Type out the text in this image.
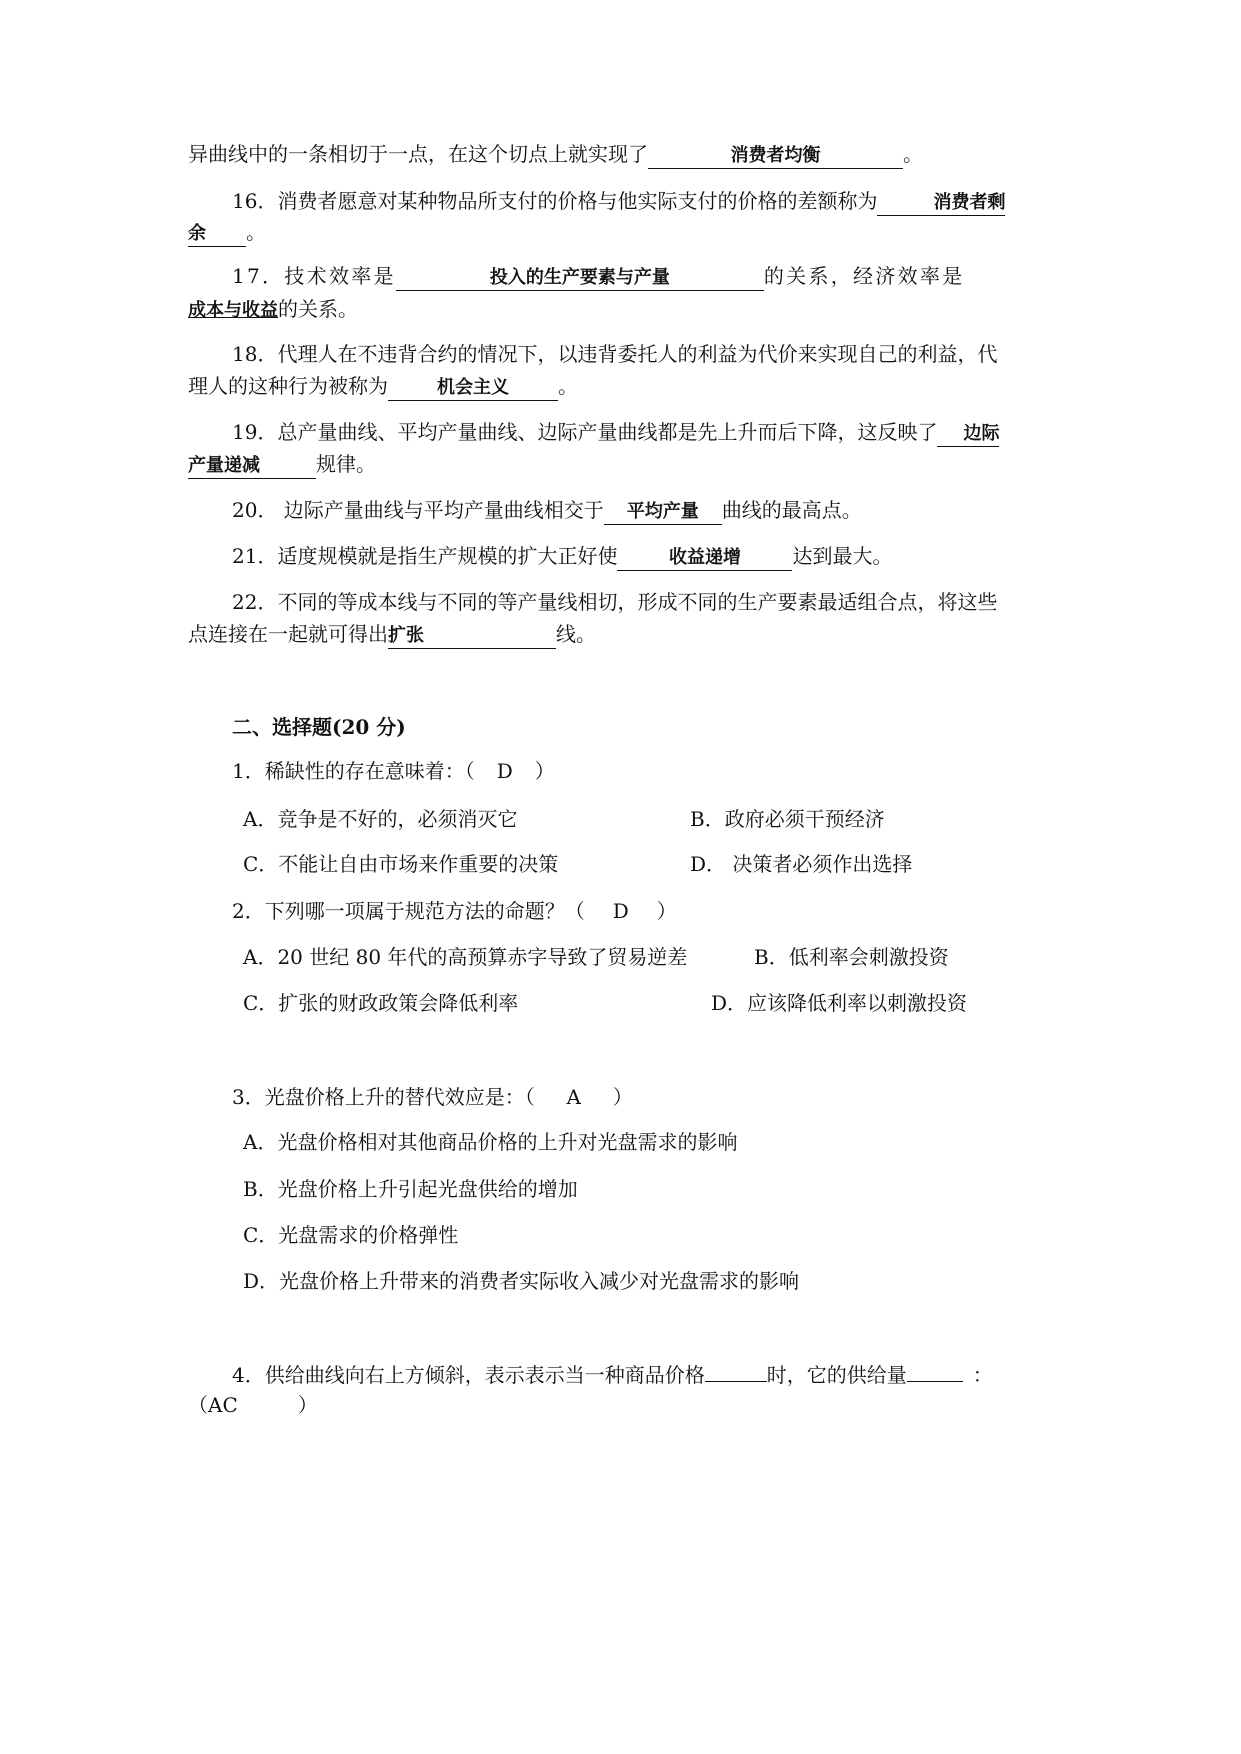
异曲线中的一条相切于一点，在这个切点上就实现了	消费者均衡	。
16．消费者愿意对某种物品所支付的价格与他实际支付的价格的差额称为	消费者剩
余 。
17．技术效率是	投入的生产要素与产量	的关系，经济效率是
成本与收益的关系。
18．代理人在不违背合约的情况下，以违背委托人的利益为代价来实现自己的利益，代
理人的这种行为被称为	机会主义 。
19．总产量曲线、平均产量曲线、边际产量曲线都是先上升而后下降，这反映了 边际
产量递减	规律。
20． 边际产量曲线与平均产量曲线相交于 平均产量 曲线的最高点。
21．适度规模就是指生产规模的扩大正好使	收益递增	达到最大。
22．不同的等成本线与不同的等产量线相切，形成不同的生产要素最适组合点，将这些
点连接在一起就可得出扩张	线。
二、选择题(20 分)
1．稀缺性的存在意味着：（ D ）
A．竞争是不好的，必须消灭它	B．政府必须干预经济
C．不能让自由市场来作重要的决策	D． 决策者必须作出选择
2．下列哪一项属于规范方法的命题？（ D ）
A．20 世纪 80 年代的高预算赤字导致了贸易逆差	B．低利率会刺激投资
C．扩张的财政政策会降低利率	D．应该降低利率以刺激投资
3．光盘价格上升的替代效应是：（ A ）
A．光盘价格相对其他商品价格的上升对光盘需求的影响
B．光盘价格上升引起光盘供给的增加
C．光盘需求的价格弹性
D．光盘价格上升带来的消费者实际收入减少对光盘需求的影响
4．供给曲线向右上方倾斜，表示表示当一种商品价格	时，它的供给量	：
（AC	）
